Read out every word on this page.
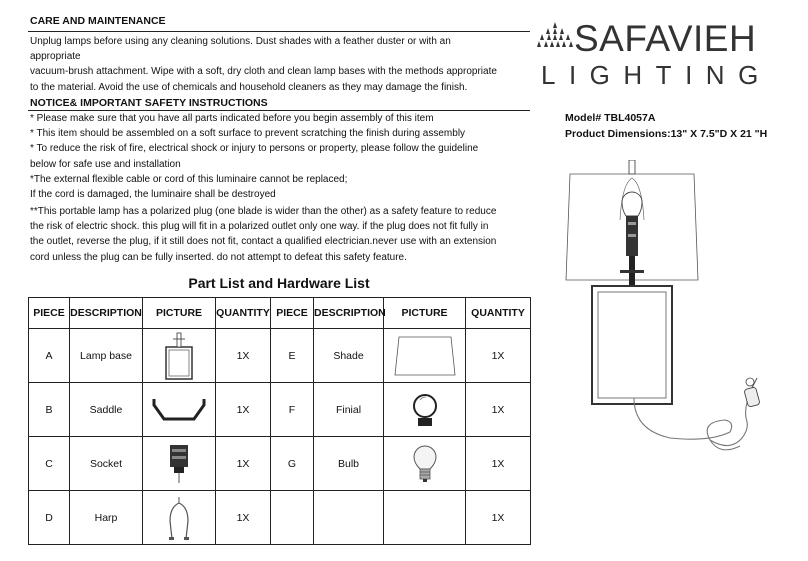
CARE AND MAINTENANCE
Unplug lamps before using any cleaning solutions. Dust shades with a feather duster or with an
appropriate
vacuum-brush attachment. Wipe with a soft, dry cloth and clean lamp bases with the methods appropriate
to the material. Avoid the use of chemicals and household cleaners as they may damage the finish.
NOTICE& IMPORTANT SAFETY INSTRUCTIONS
* Please make sure that you have all parts indicated before you begin assembly of this item
* This item should be assembled on a soft surface to prevent scratching the finish during assembly
* To reduce the risk of fire, electrical shock or injury to persons or property, please follow the guideline
below for safe use and installation
*The external flexible cable or cord of this luminaire cannot be replaced;
If the cord is damaged, the luminaire shall be destroyed
**This portable lamp has a polarized plug (one blade is wider than the other) as a safety feature to reduce
the risk of electric shock. this plug will fit in a polarized outlet only one way. if the plug does not fit fully in
the outlet, reverse the plug, if it still does not fit, contact a qualified electrician.never use with an extension
cord unless the plug can be fully inserted. do not attempt to defeat this safety feature.
Part List and Hardware List
PIECE	DESCRIPTION	PICTURE	QUANTITY	PIECE	DESCRIPTION	PICTURE	QUANTITY
A	Lamp base		1X	E	Shade		1X
B	Saddle		1X	F	Finial		1X
C	Socket		1X	G	Bulb		1X
D	Harp		1X				1X
SAFAVIEH
LIGHTING
Model# TBL4057A
Product Dimensions:13" X 7.5"D X 21 "H
